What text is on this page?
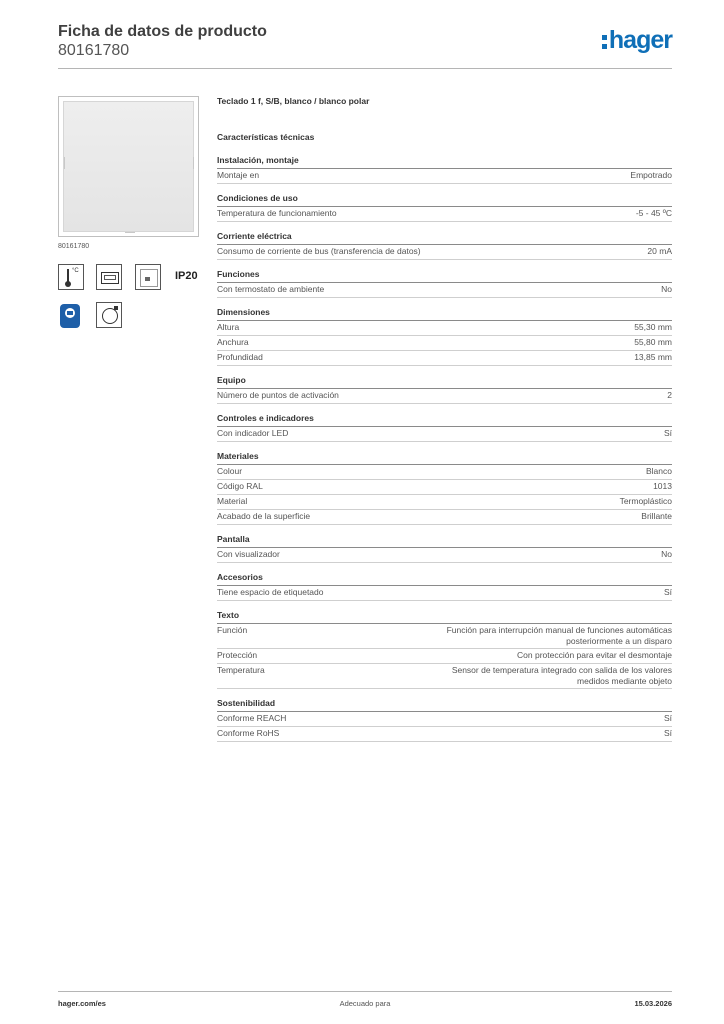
Ficha de datos de producto
80161780	hager
80161780
°C	IP20
Teclado 1 f, S/B, blanco / blanco polar
Características técnicas
Instalación, montaje
Montaje en	Empotrado
Condiciones de uso
Temperatura de funcionamiento	-5 - 45 ºC
Corriente eléctrica
Consumo de corriente de bus (transferencia de datos)	20 mA
Funciones
Con termostato de ambiente	No
Dimensiones
Altura	55,30 mm
Anchura	55,80 mm
Profundidad	13,85 mm
Equipo
Número de puntos de activación	2
Controles e indicadores
Con indicador LED	Sí
Materiales
Colour	Blanco
Código RAL	1013
Material	Termoplástico
Acabado de la superficie	Brillante
Pantalla
Con visualizador	No
Accesorios
Tiene espacio de etiquetado	Sí
Texto
Función	Función para interrupción manual de funciones automáticas posteriormente a un disparo
Protección	Con protección para evitar el desmontaje
Temperatura	Sensor de temperatura integrado con salida de los valores medidos mediante objeto
Sostenibilidad
Conforme REACH	Sí
Conforme RoHS	Sí
hager.com/es	Adecuado para	15.03.2026
